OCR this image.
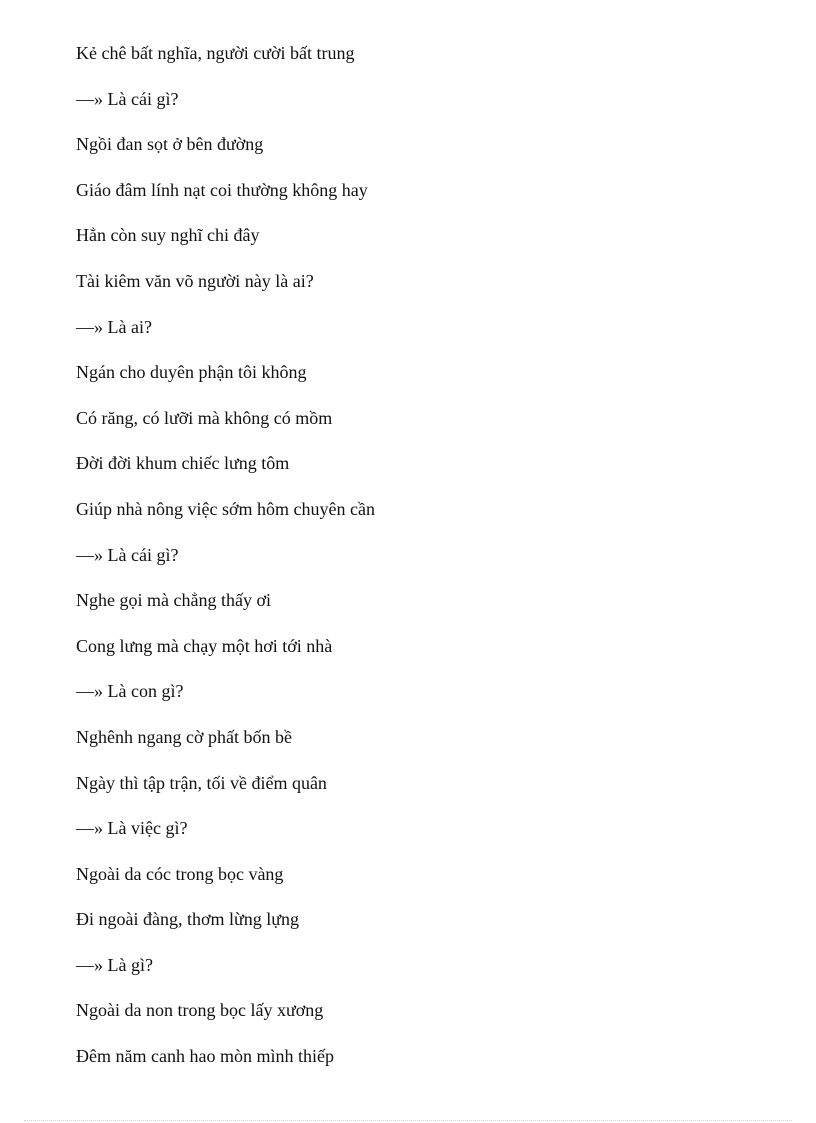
Kẻ chê bất nghĩa, người cười bất trung
—» Là cái gì?
Ngồi đan sọt ở bên đường
Giáo đâm lính nạt coi thường không hay
Hẳn còn suy nghĩ chi đây
Tài kiêm văn võ người này là ai?
—» Là ai?
Ngán cho duyên phận tôi không
Có răng, có lưỡi mà không có mồm
Đời đời khum chiếc lưng tôm
Giúp nhà nông việc sớm hôm chuyên cần
—» Là cái gì?
Nghe gọi mà chẳng thấy ơi
Cong lưng mà chạy một hơi tới nhà
—» Là con gì?
Nghênh ngang cờ phất bốn bề
Ngày thì tập trận, tối về điểm quân
—» Là việc gì?
Ngoài da cóc trong bọc vàng
Đi ngoài đàng, thơm lừng lựng
—» Là gì?
Ngoài da non trong bọc lấy xương
Đêm năm canh hao mòn mình thiếp
